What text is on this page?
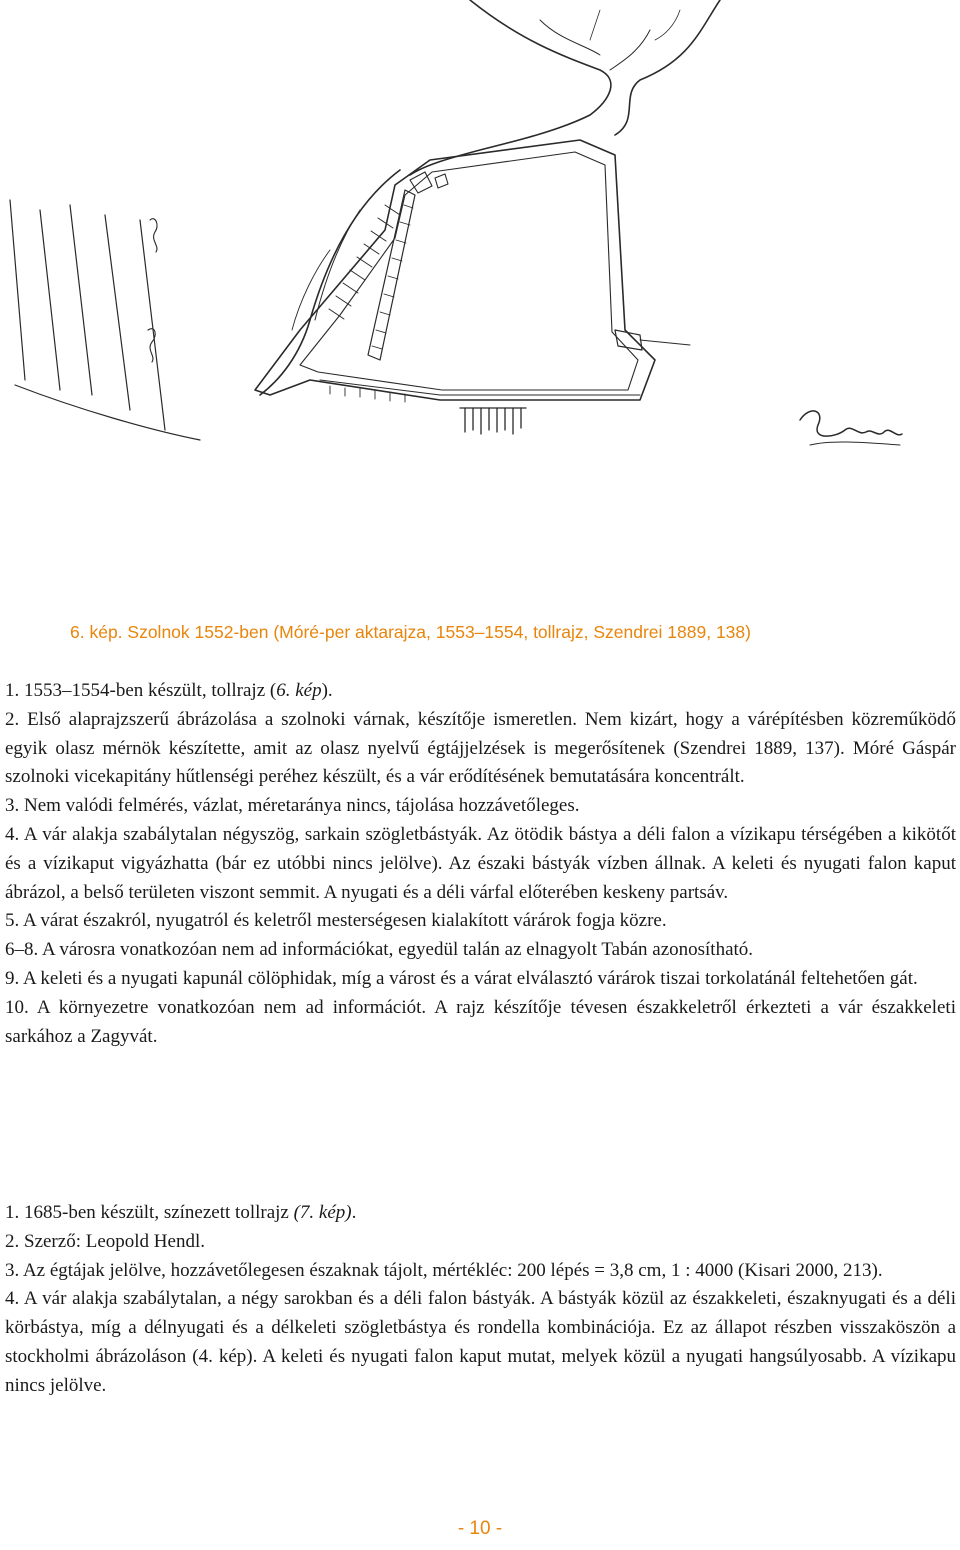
6. kép. Szolnok 1552-ben (Móré-per aktarajza, 1553–1554, tollrajz, Szendrei 1889, 138)
1. 1553–1554-ben készült, tollrajz (6. kép).
2. Első alaprajzszerű ábrázolása a szolnoki várnak, készítője ismeretlen. Nem kizárt, hogy a várépítésben közreműködő egyik olasz mérnök készítette, amit az olasz nyelvű égtájjelzések is megerősítenek (Szendrei 1889, 137). Móré Gáspár szolnoki vicekapitány hűtlenségi peréhez készült, és a vár erődítésének bemutatására koncentrált.
3. Nem valódi felmérés, vázlat, méretaránya nincs, tájolása hozzávetőleges.
4. A vár alakja szabálytalan négyszög, sarkain szögletbástyák. Az ötödik bástya a déli falon a vízikapu térségében a kikötőt és a vízikaput vigyázhatta (bár ez utóbbi nincs jelölve). Az északi bástyák vízben állnak. A keleti és nyugati falon kaput ábrázol, a belső területen viszont semmit. A nyugati és a déli várfal előterében keskeny partsáv.
5. A várat északról, nyugatról és keletről mesterségesen kialakított várárok fogja közre.
6–8. A városra vonatkozóan nem ad információkat, egyedül talán az elnagyolt Tabán azonosítható.
9. A keleti és a nyugati kapunál cölöphidak, míg a várost és a várat elválasztó várárok tiszai torkolatánál feltehetően gát.
10. A környezetre vonatkozóan nem ad információt. A rajz készítője tévesen északkeletről érkezteti a vár északkeleti sarkához a Zagyvát.
1. 1685-ben készült, színezett tollrajz (7. kép).
2. Szerző: Leopold Hendl.
3. Az égtájak jelölve, hozzávetőlegesen északnak tájolt, mértékléc: 200 lépés = 3,8 cm, 1 : 4000 (Kisari 2000, 213).
4. A vár alakja szabálytalan, a négy sarokban és a déli falon bástyák. A bástyák közül az északkeleti, északnyugati és a déli körbástya, míg a délnyugati és a délkeleti szögletbástya és rondella kombinációja. Ez az állapot részben visszaköszön a stockholmi ábrázoláson (4. kép). A keleti és nyugati falon kaput mutat, melyek közül a nyugati hangsúlyosabb. A vízikapu nincs jelölve.
- 10 -
